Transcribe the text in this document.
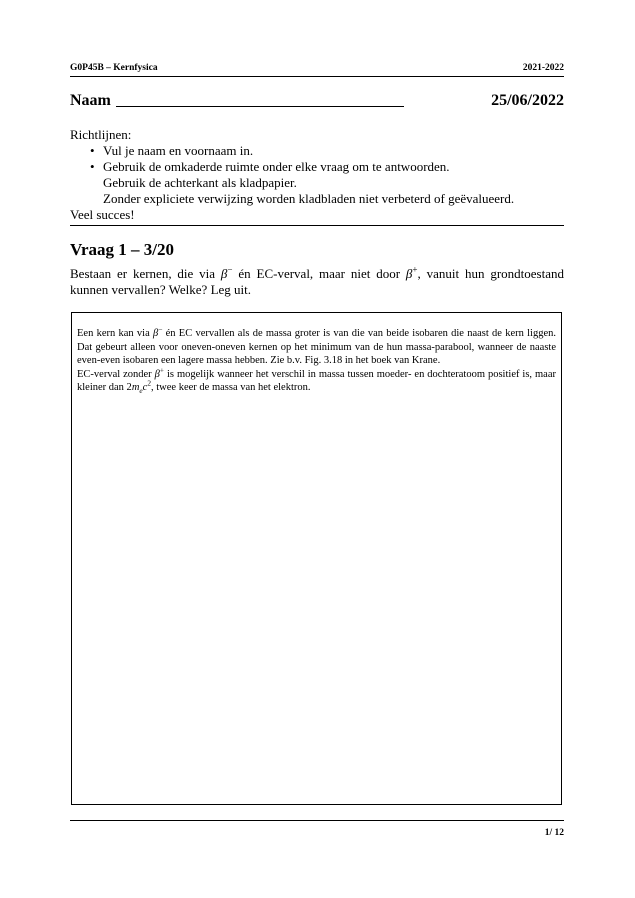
G0P45B – Kernfysica	2021-2022
Naam	25/06/2022
Richtlijnen:
• Vul je naam en voornaam in.
• Gebruik de omkaderde ruimte onder elke vraag om te antwoorden.
Gebruik de achterkant als kladpapier.
Zonder expliciete verwijzing worden kladbladen niet verbeterd of geëvalueerd.
Veel succes!
Vraag 1 – 3/20
Bestaan er kernen, die via β− én EC-verval, maar niet door β+, vanuit hun grondtoestand kunnen vervallen? Welke? Leg uit.

Een kern kan via β− én EC vervallen als de massa groter is van die van beide isobaren die naast de kern liggen. Dat gebeurt alleen voor oneven-oneven kernen op het minimum van de hun massa-parabool, wanneer de naaste even-even isobaren een lagere massa hebben. Zie b.v. Fig. 3.18 in het boek van Krane.

EC-verval zonder β+ is mogelijk wanneer het verschil in massa tussen moeder- en dochteratoom positief is, maar kleiner dan $2m_ec^2$, twee keer de massa van het elektron.

1/ 12
